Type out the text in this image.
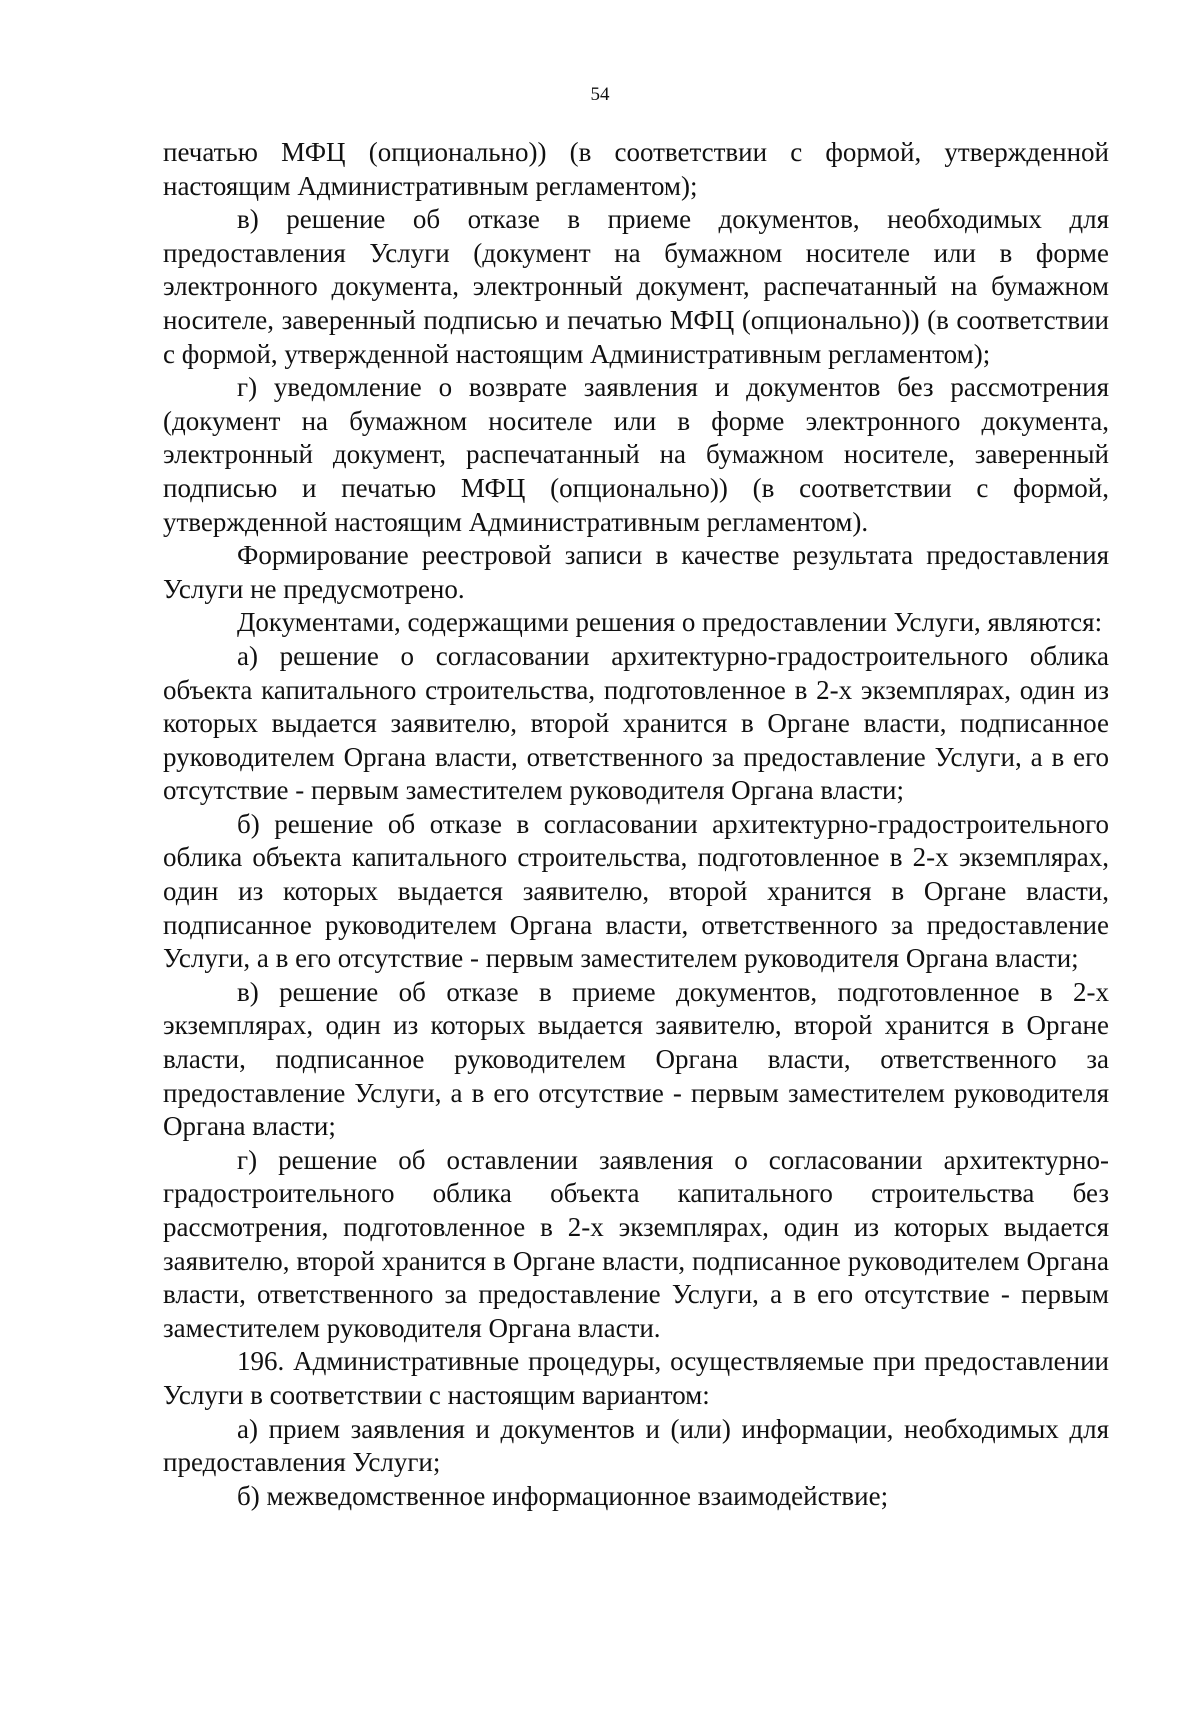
54

печатью МФЦ (опционально)) (в соответствии с формой, утвержденной настоящим Административным регламентом);

в) решение об отказе в приеме документов, необходимых для предоставления Услуги (документ на бумажном носителе или в форме электронного документа, электронный документ, распечатанный на бумажном носителе, заверенный подписью и печатью МФЦ (опционально)) (в соответствии с формой, утвержденной настоящим Административным регламентом);

г) уведомление о возврате заявления и документов без рассмотрения (документ на бумажном носителе или в форме электронного документа, электронный документ, распечатанный на бумажном носителе, заверенный подписью и печатью МФЦ (опционально)) (в соответствии с формой, утвержденной настоящим Административным регламентом).

Формирование реестровой записи в качестве результата предоставления Услуги не предусмотрено.

Документами, содержащими решения о предоставлении Услуги, являются:

а) решение о согласовании архитектурно-градостроительного облика объекта капитального строительства, подготовленное в 2-х экземплярах, один из которых выдается заявителю, второй хранится в Органе власти, подписанное руководителем Органа власти, ответственного за предоставление Услуги, а в его отсутствие - первым заместителем руководителя Органа власти;

б) решение об отказе в согласовании архитектурно-градостроительного облика объекта капитального строительства, подготовленное в 2-х экземплярах, один из которых выдается заявителю, второй хранится в Органе власти, подписанное руководителем Органа власти, ответственного за предоставление Услуги, а в его отсутствие - первым заместителем руководителя Органа власти;

в) решение об отказе в приеме документов, подготовленное в 2-х экземплярах, один из которых выдается заявителю, второй хранится в Органе власти, подписанное руководителем Органа власти, ответственного за предоставление Услуги, а в его отсутствие - первым заместителем руководителя Органа власти;

г) решение об оставлении заявления о согласовании архитектурно-градостроительного облика объекта капитального строительства без рассмотрения, подготовленное в 2-х экземплярах, один из которых выдается заявителю, второй хранится в Органе власти, подписанное руководителем Органа власти, ответственного за предоставление Услуги, а в его отсутствие - первым заместителем руководителя Органа власти.

196. Административные процедуры, осуществляемые при предоставлении Услуги в соответствии с настоящим вариантом:

а) прием заявления и документов и (или) информации, необходимых для предоставления Услуги;

б) межведомственное информационное взаимодействие;
